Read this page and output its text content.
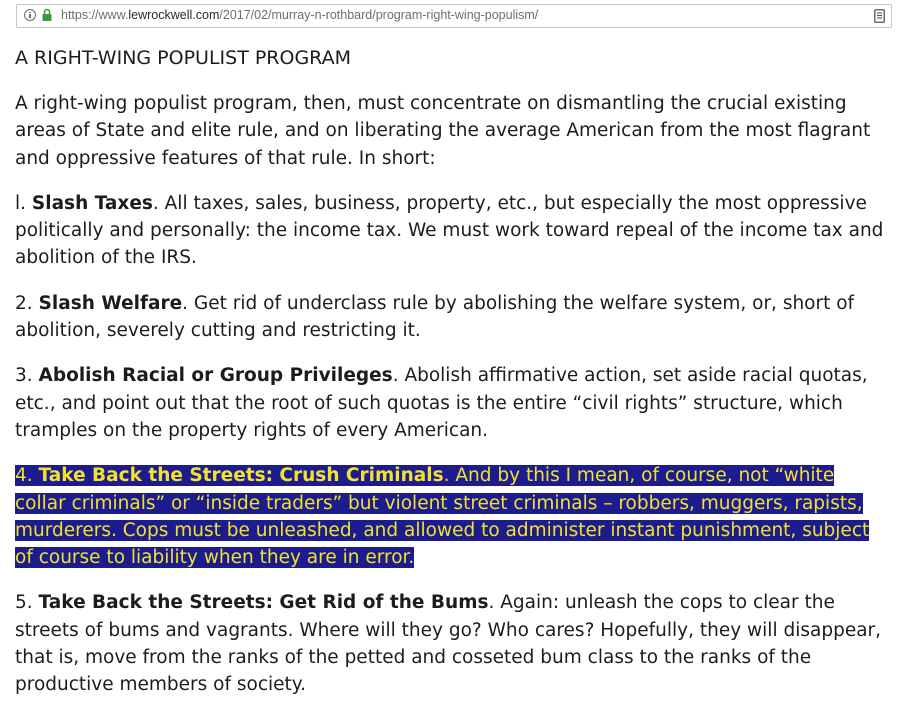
https://www.lewrockwell.com/2017/02/murray-n-rothbard/program-right-wing-populism/
A RIGHT-WING POPULIST PROGRAM

A right-wing populist program, then, must concentrate on dismantling the crucial existing areas of State and elite rule, and on liberating the average American from the most flagrant and oppressive features of that rule. In short:

l. Slash Taxes. All taxes, sales, business, property, etc., but especially the most oppressive politically and personally: the income tax. We must work toward repeal of the income tax and abolition of the IRS.

2. Slash Welfare. Get rid of underclass rule by abolishing the welfare system, or, short of abolition, severely cutting and restricting it.

3. Abolish Racial or Group Privileges. Abolish affirmative action, set aside racial quotas, etc., and point out that the root of such quotas is the entire “civil rights” structure, which tramples on the property rights of every American.

4. Take Back the Streets: Crush Criminals. And by this I mean, of course, not “white collar criminals” or “inside traders” but violent street criminals – robbers, muggers, rapists, murderers. Cops must be unleashed, and allowed to administer instant punishment, subject of course to liability when they are in error.

5. Take Back the Streets: Get Rid of the Bums. Again: unleash the cops to clear the streets of bums and vagrants. Where will they go? Who cares? Hopefully, they will disappear, that is, move from the ranks of the petted and cosseted bum class to the ranks of the productive members of society.
